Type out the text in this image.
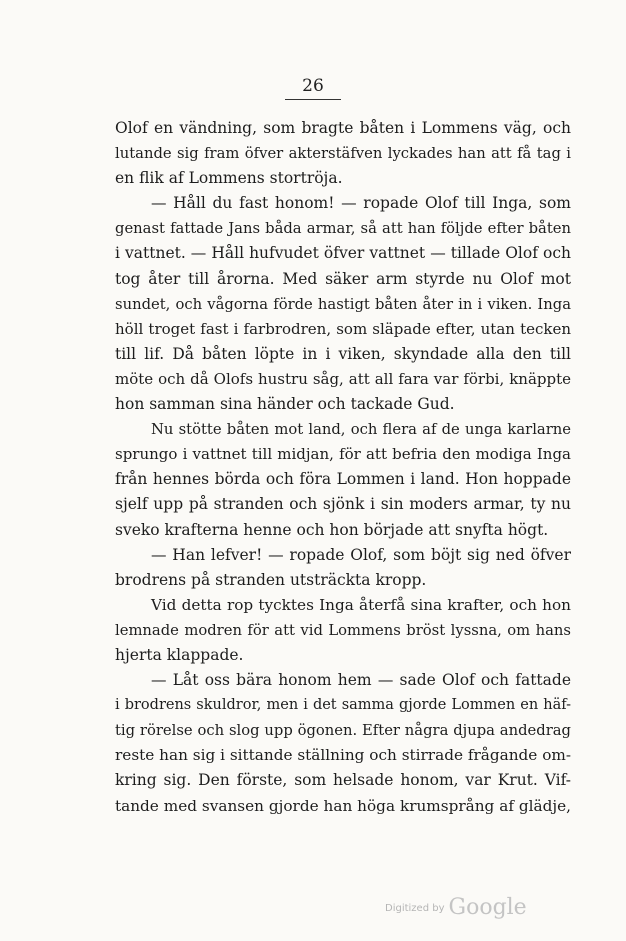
26
Olof en vändning, som bragte båten i Lommens väg, och
lutande sig fram öfver akterstäfven lyckades han att få tag i
en flik af Lommens stortröja.
— Håll du fast honom! — ropade Olof till Inga, som
genast fattade Jans båda armar, så att han följde efter båten
i vattnet. — Håll hufvudet öfver vattnet — tillade Olof och
tog åter till årorna. Med säker arm styrde nu Olof mot
sundet, och vågorna förde hastigt båten åter in i viken. Inga
höll troget fast i farbrodren, som släpade efter, utan tecken
till lif. Då båten löpte in i viken, skyndade alla den till
möte och då Olofs hustru såg, att all fara var förbi, knäppte
hon samman sina händer och tackade Gud.
Nu stötte båten mot land, och flera af de unga karlarne
sprungo i vattnet till midjan, för att befria den modiga Inga
från hennes börda och föra Lommen i land. Hon hoppade
sjelf upp på stranden och sjönk i sin moders armar, ty nu
sveko krafterna henne och hon började att snyfta högt.
— Han lefver! — ropade Olof, som böjt sig ned öfver
brodrens på stranden utsträckta kropp.
Vid detta rop tycktes Inga återfå sina krafter, och hon
lemnade modren för att vid Lommens bröst lyssna, om hans
hjerta klappade.
— Låt oss bära honom hem — sade Olof och fattade
i brodrens skuldror, men i det samma gjorde Lommen en häf-
tig rörelse och slog upp ögonen. Efter några djupa andedrag
reste han sig i sittande ställning och stirrade frågande om-
kring sig. Den förste, som helsade honom, var Krut. Vif-
tande med svansen gjorde han höga krumsprång af glädje,
Digitized by Google
